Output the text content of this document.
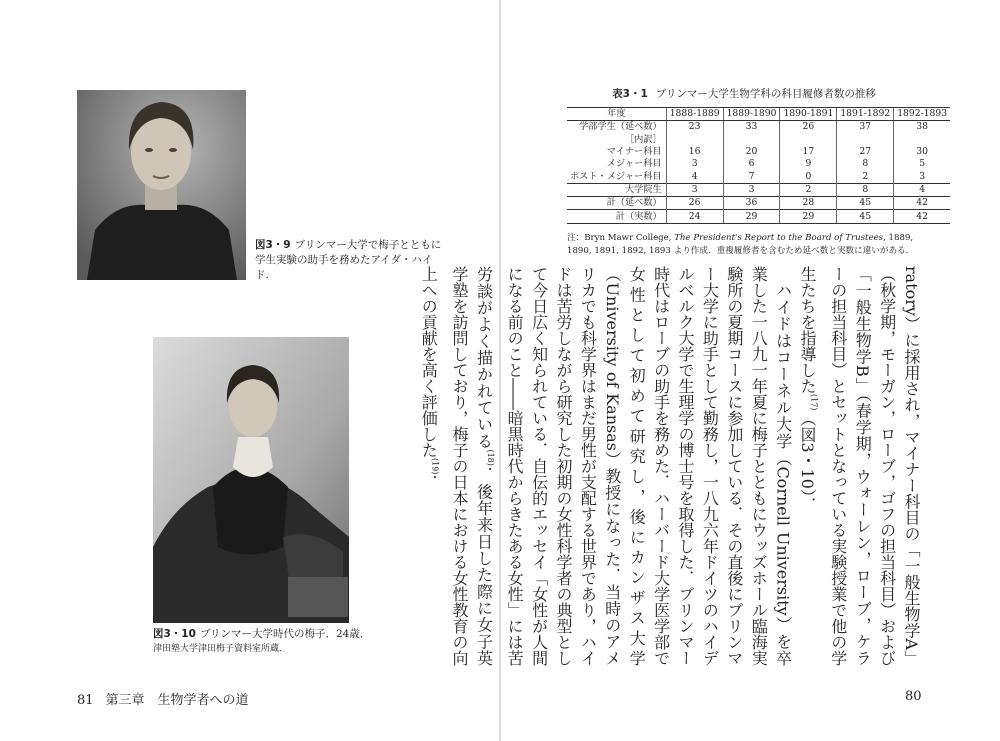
図3・9 ブリンマー大学で梅子とともに学生実験の助手を務めたアイダ・ハイド.
図3・10 ブリンマー大学時代の梅子．24歳．
津田塾大学津田梅子資料室所蔵．
表3・1 ブリンマー大学生物学科の科目履修者数の推移
年度	1888-1889	1889-1890	1890-1891	1891-1892	1892-1893
学部学生（延べ数）	23	33	26	37	38
［内訳］					
マイナー科目	16	20	17	27	30
メジャー科目	3	6	9	8	5
ポスト・メジャー科目	4	7	0	2	3
大学院生	3	3	2	8	4
計（延べ数）	26	36	28	45	42
計（実数）	24	29	29	45	42
注：Bryn Mawr College, The President's Report to the Board of Trustees, 1889, 1890, 1891, 1892, 1893 より作成．重複履修者を含むため延べ数と実数に違いがある．

ratory）に採用され，マイナー科目の「一般生物学A」（秋学期，モーガン，ローブ，ゴフの担当科目）および「一般生物学B」（春学期，ウォーレン，ローブ，ケラーの担当科目）とセットとなっている実験授業で他の学生たちを指導した$^{(17)}$（図3・10）．

ハイドはコーネル大学（Cornell University）を卒業した一八九一年夏に梅子とともにウッズホール臨海実験所の夏期コースに参加している．その直後にブリンマー大学に助手として勤務し，一八九六年ドイツのハイデルベルク大学で生理学の博士号を取得した．ブリンマー時代はローブの助手を務めた．ハーバード大学医学部で女性として初めて研究し，後にカンザス大学（University of Kansas）教授になった．当時のアメリカでも科学界はまだ男性が支配する世界であり，ハイドは苦労しながら研究した初期の女性科学者の典型として今日広く知られている．自伝的エッセイ「女性が人間になる前のこと――暗黒時代からきたある女性」には苦労談がよく描かれている$^{(18)}$．後年来日した際に女子英学塾を訪問しており，梅子の日本における女性教育の向上への貢献を高く評価した$^{(19)}$．

81 第三章　生物学者への道	80
